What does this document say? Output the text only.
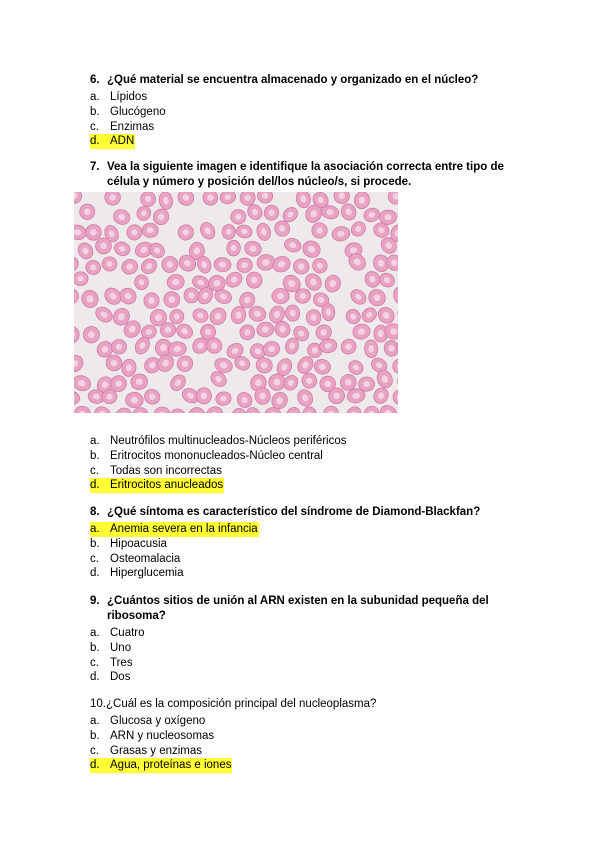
6. ¿Qué material se encuentra almacenado y organizado en el núcleo?
a. Lípidos
b. Glucógeno
c. Enzimas
d. ADN
7. Vea la siguiente imagen e identifique la asociación correcta entre tipo de célula y número y posición del/los núcleo/s, si procede.
a. Neutrófilos multinucleados-Núcleos periféricos
b. Eritrocitos mononucleados-Núcleo central
c. Todas son incorrectas
d. Eritrocitos anucleados
8. ¿Qué síntoma es característico del síndrome de Diamond-Blackfan?
a. Anemia severa en la infancia
b. Hipoacusia
c. Osteomalacia
d. Hiperglucemia
9. ¿Cuántos sitios de unión al ARN existen en la subunidad pequeña del ribosoma?
a. Cuatro
b. Uno
c. Tres
d. Dos
10. ¿Cuál es la composición principal del nucleoplasma?
a. Glucosa y oxígeno
b. ARN y nucleosomas
c. Grasas y enzimas
d. Agua, proteínas e iones
